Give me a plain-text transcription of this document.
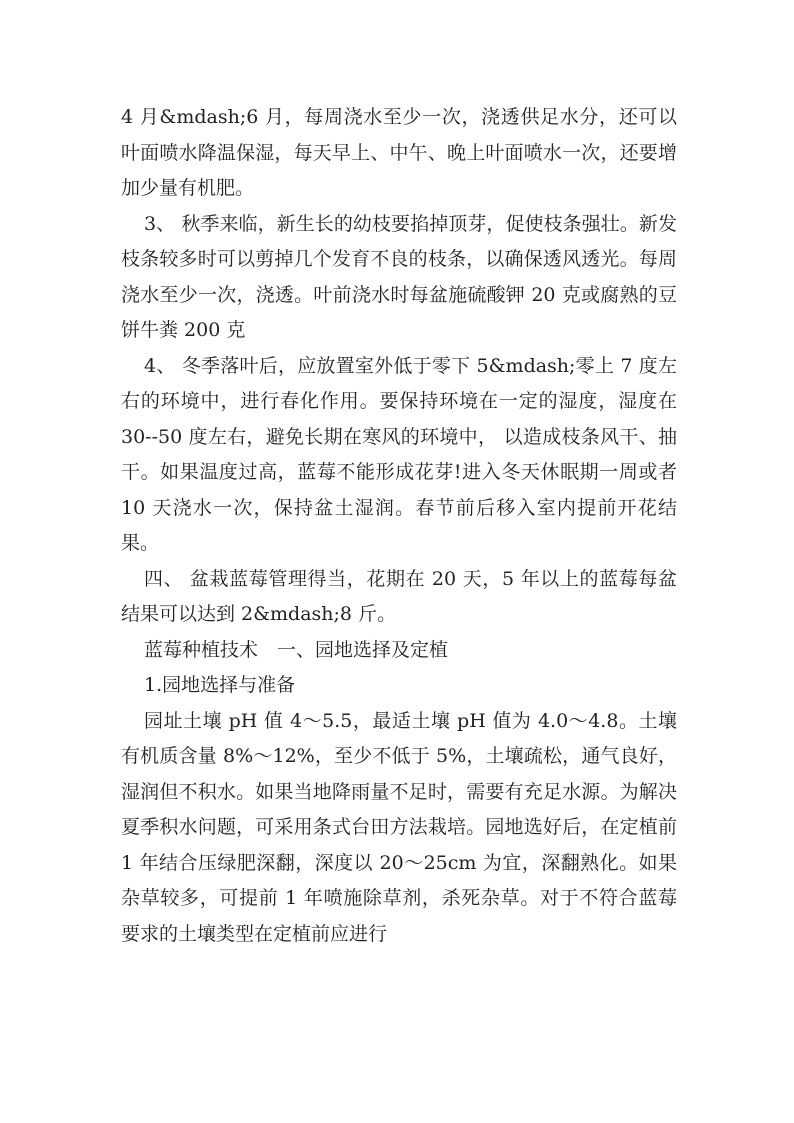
4 月&mdash;6 月，每周浇水至少一次，浇透供足水分，还可以叶面喷水降温保湿，每天早上、中午、晚上叶面喷水一次，还要增加少量有机肥。

3、 秋季来临，新生长的幼枝要掐掉顶芽，促使枝条强壮。新发枝条较多时可以剪掉几个发育不良的枝条，以确保透风透光。每周浇水至少一次，浇透。叶前浇水时每盆施硫酸钾 20 克或腐熟的豆饼牛粪 200 克

4、 冬季落叶后，应放置室外低于零下 5&mdash;零上 7 度左右的环境中，进行春化作用。要保持环境在一定的湿度，湿度在 30--50 度左右，避免长期在寒风的环境中， 以造成枝条风干、抽干。如果温度过高，蓝莓不能形成花芽!进入冬天休眠期一周或者 10 天浇水一次，保持盆土湿润。春节前后移入室内提前开花结果。

四、 盆栽蓝莓管理得当，花期在 20 天，5 年以上的蓝莓每盆结果可以达到 2&mdash;8 斤。

蓝莓种植技术　一、园地选择及定植

1.园地选择与准备

园址土壤 pH 值 4～5.5，最适土壤 pH 值为 4.0～4.8。土壤有机质含量 8%～12%，至少不低于 5%，土壤疏松，通气良好，湿润但不积水。如果当地降雨量不足时，需要有充足水源。为解决夏季积水问题，可采用条式台田方法栽培。园地选好后，在定植前 1 年结合压绿肥深翻，深度以 20～25cm 为宜，深翻熟化。如果杂草较多，可提前 1 年喷施除草剂，杀死杂草。对于不符合蓝莓要求的土壤类型在定植前应进行
